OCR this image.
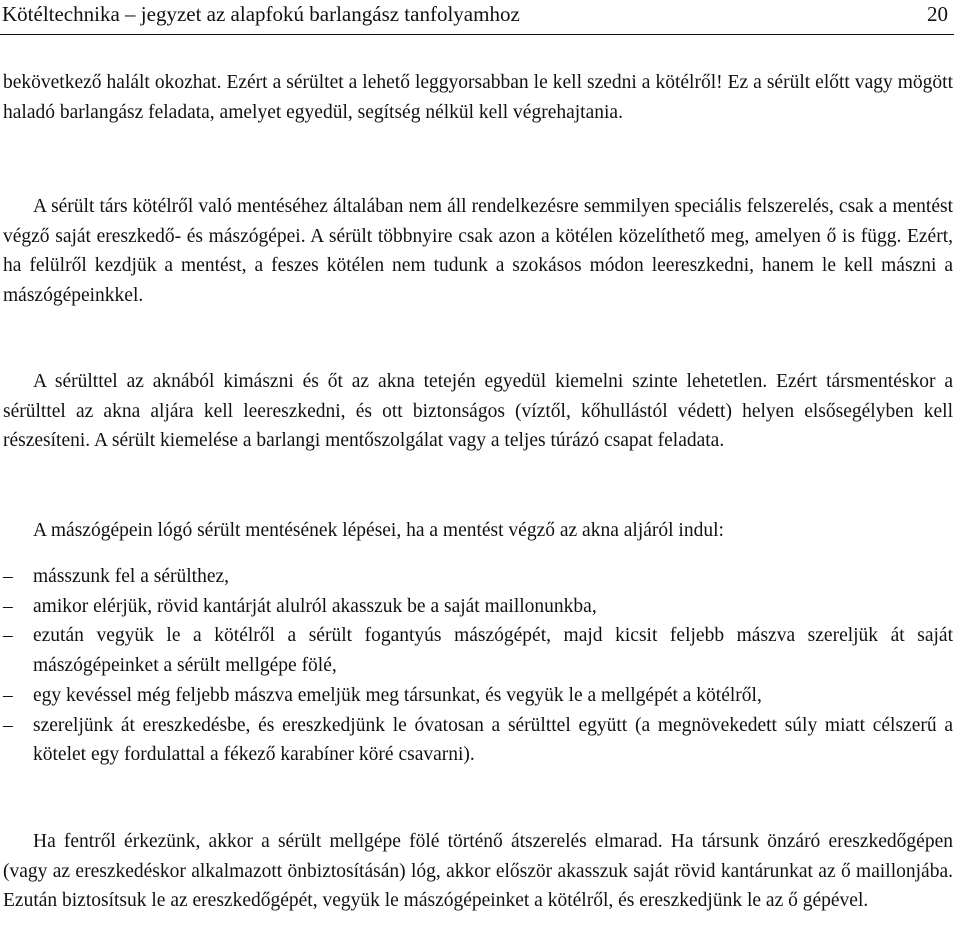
Kötéltechnika – jegyzet az alapfokú barlangász tanfolyamhoz	20

bekövetkező halált okozhat. Ezért a sérültet a lehető leggyorsabban le kell szedni a kötélről! Ez a sérült előtt vagy mögött haladó barlangász feladata, amelyet egyedül, segítség nélkül kell végrehajtania.

A sérült társ kötélről való mentéséhez általában nem áll rendelkezésre semmilyen speciális felszerelés, csak a mentést végző saját ereszkedő- és mászógépei. A sérült többnyire csak azon a kötélen közelíthető meg, amelyen ő is függ. Ezért, ha felülről kezdjük a mentést, a feszes kötélen nem tudunk a szokásos módon leereszkedni, hanem le kell mászni a mászógépeinkkel.

A sérülttel az aknából kimászni és őt az akna tetején egyedül kiemelni szinte lehetetlen. Ezért társmentéskor a sérülttel az akna aljára kell leereszkedni, és ott biztonságos (víztől, kőhullástól védett) helyen elsősegélyben kell részesíteni. A sérült kiemelése a barlangi mentőszolgálat vagy a teljes túrázó csapat feladata.

A mászógépein lógó sérült mentésének lépései, ha a mentést végző az akna aljáról indul:

– másszunk fel a sérülthez,
– amikor elérjük, rövid kantárját alulról akasszuk be a saját maillonunkba,
– ezután vegyük le a kötélről a sérült fogantyús mászógépét, majd kicsit feljebb mászva szereljük át saját mászógépeinket a sérült mellgépe fölé,
– egy kevéssel még feljebb mászva emeljük meg társunkat, és vegyük le a mellgépét a kötélről,
– szereljünk át ereszkedésbe, és ereszkedjünk le óvatosan a sérülttel együtt (a megnövekedett súly miatt célszerű a kötelet egy fordulattal a fékező karabíner köré csavarni).

Ha fentről érkezünk, akkor a sérült mellgépe fölé történő átszerelés elmarad. Ha társunk önzáró ereszkedőgépen (vagy az ereszkedéskor alkalmazott önbiztosításán) lóg, akkor először akasszuk saját rövid kantárunkat az ő maillonjába. Ezután biztosítsuk le az ereszkedőgépét, vegyük le mászógépeinket a kötélről, és ereszkedjünk le az ő gépével.
